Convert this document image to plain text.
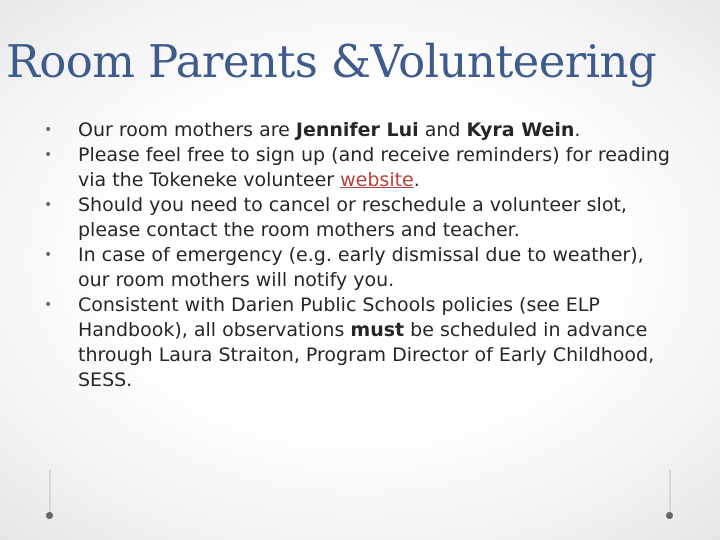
Room Parents &Volunteering
• Our room mothers are Jennifer Lui and Kyra Wein.
• Please feel free to sign up (and receive reminders) for reading via the Tokeneke volunteer website.
• Should you need to cancel or reschedule a volunteer slot, please contact the room mothers and teacher.
• In case of emergency (e.g. early dismissal due to weather), our room mothers will notify you.
• Consistent with Darien Public Schools policies (see ELP Handbook), all observations must be scheduled in advance through Laura Straiton, Program Director of Early Childhood, SESS.
